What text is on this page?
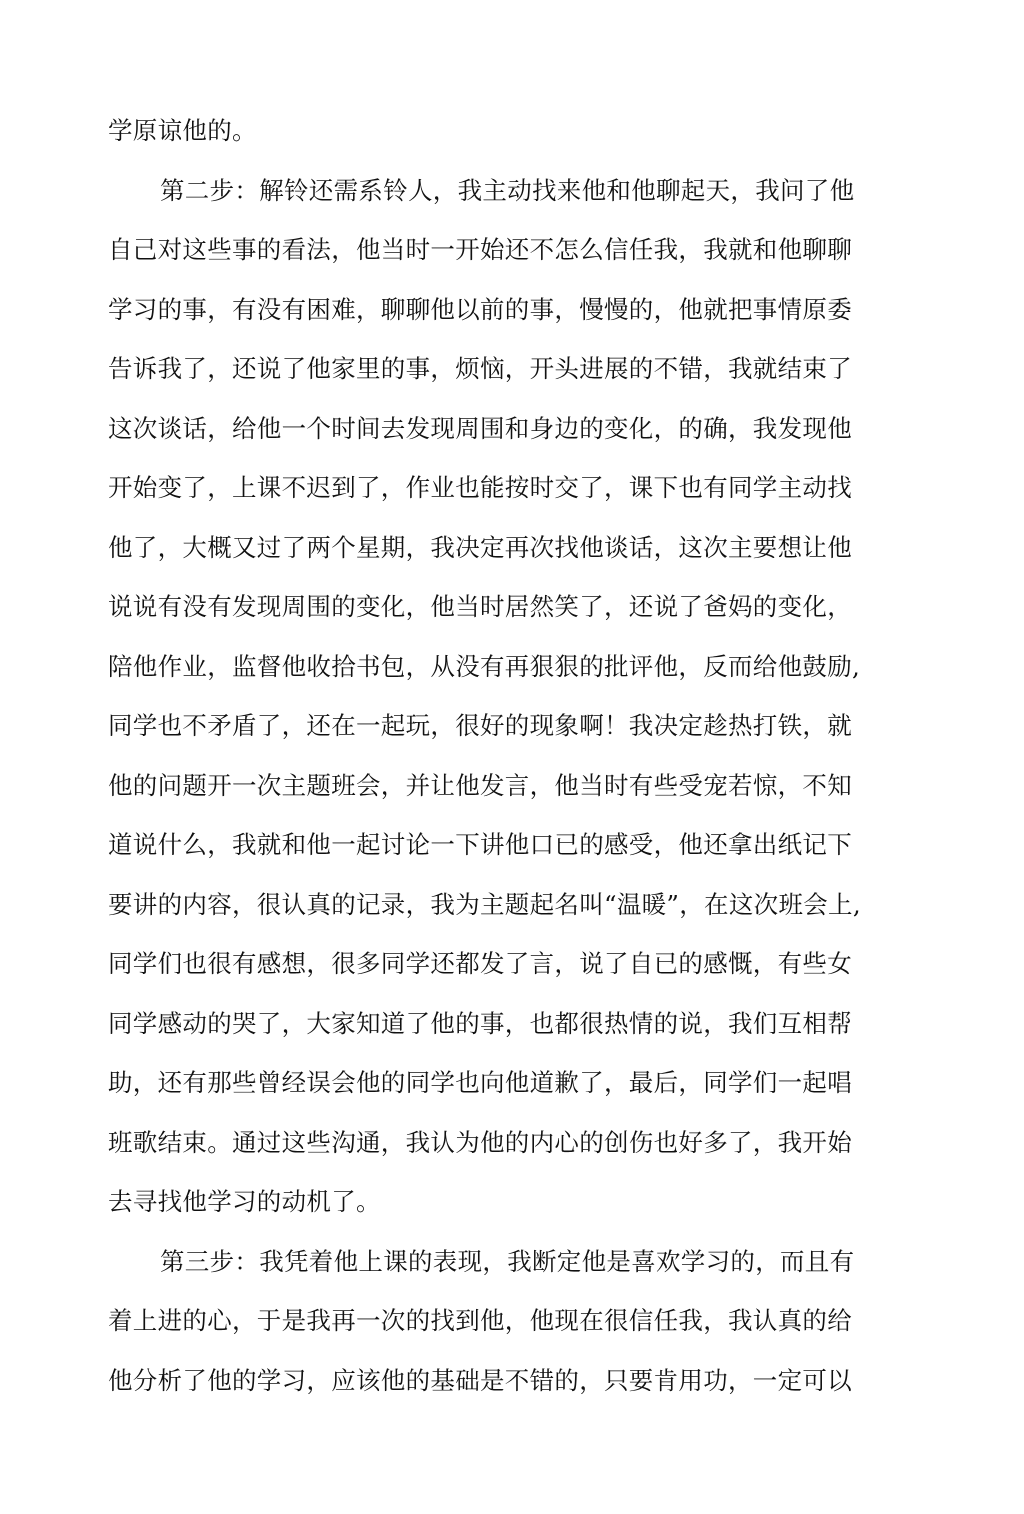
学原谅他的。
第二步：解铃还需系铃人，我主动找来他和他聊起天，我问了他
自己对这些事的看法，他当时一开始还不怎么信任我，我就和他聊聊
学习的事，有没有困难，聊聊他以前的事，慢慢的，他就把事情原委
告诉我了，还说了他家里的事，烦恼，开头进展的不错，我就结束了
这次谈话，给他一个时间去发现周围和身边的变化，的确，我发现他
开始变了，上课不迟到了，作业也能按时交了，课下也有同学主动找
他了，大概又过了两个星期，我决定再次找他谈话，这次主要想让他
说说有没有发现周围的变化，他当时居然笑了，还说了爸妈的变化，
陪他作业，监督他收拾书包，从没有再狠狠的批评他，反而给他鼓励,
同学也不矛盾了，还在一起玩，很好的现象啊！我决定趁热打铁，就
他的问题开一次主题班会，并让他发言，他当时有些受宠若惊，不知
道说什么，我就和他一起讨论一下讲他口已的感受，他还拿出纸记下
要讲的内容，很认真的记录，我为主题起名叫“温暖”，在这次班会上,
同学们也很有感想，很多同学还都发了言，说了自已的感慨，有些女
同学感动的哭了，大家知道了他的事，也都很热情的说，我们互相帮
助，还有那些曾经误会他的同学也向他道歉了，最后，同学们一起唱
班歌结束。通过这些沟通，我认为他的内心的创伤也好多了，我开始
去寻找他学习的动机了。
第三步：我凭着他上课的表现，我断定他是喜欢学习的，而且有
着上进的心，于是我再一次的找到他，他现在很信任我，我认真的给
他分析了他的学习，应该他的基础是不错的，只要肯用功，一定可以
